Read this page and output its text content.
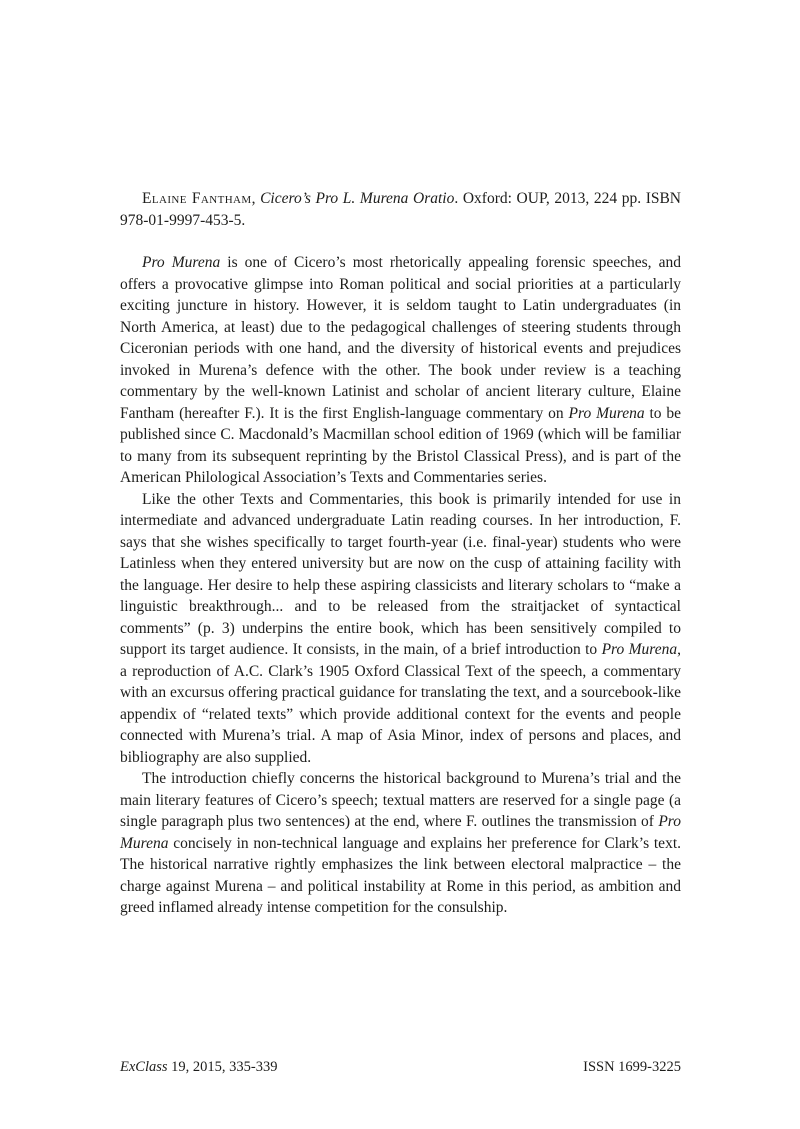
Elaine Fantham, Cicero’s Pro L. Murena Oratio. Oxford: OUP, 2013, 224 pp. ISBN 978-01-9997-453-5.

Pro Murena is one of Cicero’s most rhetorically appealing forensic speeches, and offers a provocative glimpse into Roman political and social priorities at a particularly exciting juncture in history. However, it is seldom taught to Latin undergraduates (in North America, at least) due to the pedagogical challenges of steering students through Ciceronian periods with one hand, and the diversity of historical events and prejudices invoked in Murena’s defence with the other. The book under review is a teaching commentary by the well-known Latinist and scholar of ancient literary culture, Elaine Fantham (hereafter F.). It is the first English-language commentary on Pro Murena to be published since C. Macdonald’s Macmillan school edition of 1969 (which will be familiar to many from its subsequent reprinting by the Bristol Classical Press), and is part of the American Philological Association’s Texts and Commentaries series.

Like the other Texts and Commentaries, this book is primarily intended for use in intermediate and advanced undergraduate Latin reading courses. In her introduction, F. says that she wishes specifically to target fourth-year (i.e. final-year) students who were Latinless when they entered university but are now on the cusp of attaining facility with the language. Her desire to help these aspiring classicists and literary scholars to “make a linguistic breakthrough... and to be released from the straitjacket of syntactical comments” (p. 3) underpins the entire book, which has been sensitively compiled to support its target audience. It consists, in the main, of a brief introduction to Pro Murena, a reproduction of A.C. Clark’s 1905 Oxford Classical Text of the speech, a commentary with an excursus offering practical guidance for translating the text, and a sourcebook-like appendix of “related texts” which provide additional context for the events and people connected with Murena’s trial. A map of Asia Minor, index of persons and places, and bibliography are also supplied.

The introduction chiefly concerns the historical background to Murena’s trial and the main literary features of Cicero’s speech; textual matters are reserved for a single page (a single paragraph plus two sentences) at the end, where F. outlines the transmission of Pro Murena concisely in non-technical language and explains her preference for Clark’s text. The historical narrative rightly emphasizes the link between electoral malpractice – the charge against Murena – and political instability at Rome in this period, as ambition and greed inflamed already intense competition for the consulship.

ExClass 19, 2015, 335-339	ISSN 1699-3225
